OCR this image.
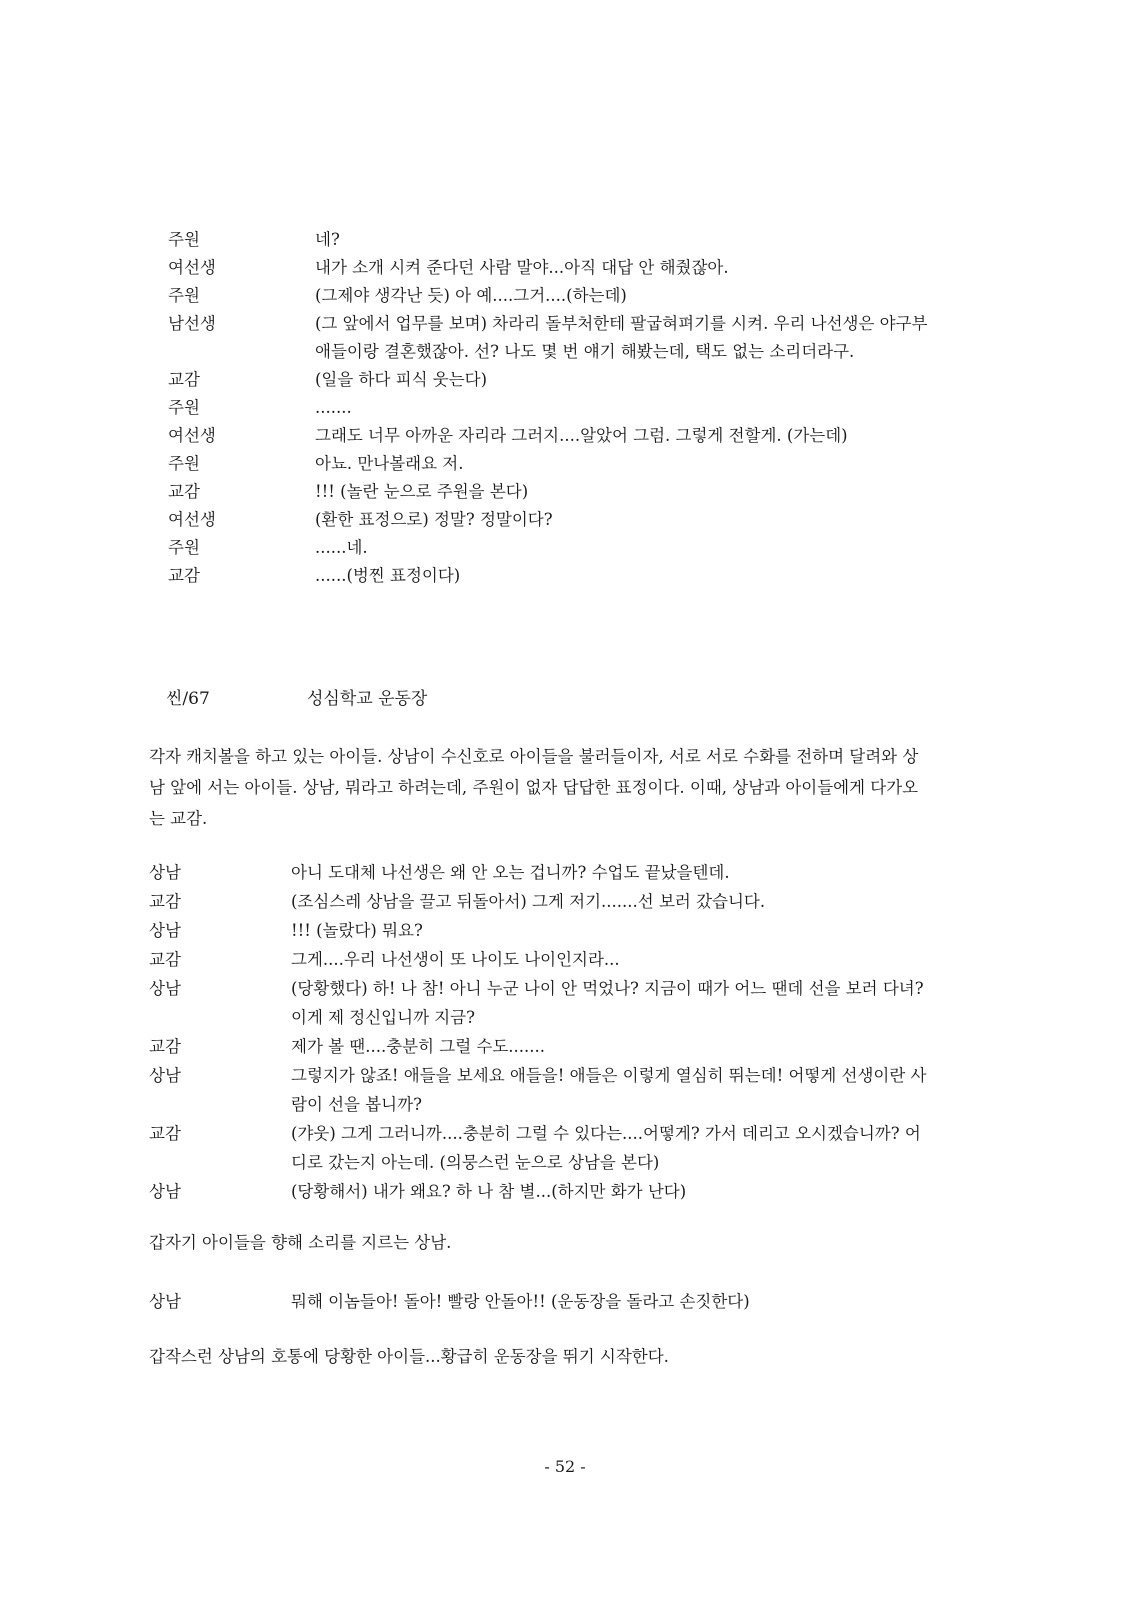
주원	네?
여선생	내가 소개 시켜 준다던 사람 말야...아직 대답 안 해줬잖아.
주원	(그제야 생각난 듯) 아 예....그거....(하는데)
남선생	(그 앞에서 업무를 보며) 차라리 돌부처한테 팔굽혀펴기를 시켜. 우리 나선생은 야구부 애들이랑 결혼했잖아. 선? 나도 몇 번 얘기 해봤는데, 택도 없는 소리더라구.
교감	(일을 하다 피식 웃는다)
주원	.......
여선생	그래도 너무 아까운 자리라 그러지....알았어 그럼. 그렇게 전할게. (가는데)
주원	아뇨. 만나볼래요 저.
교감	!!! (놀란 눈으로 주원을 본다)
여선생	(환한 표정으로) 정말? 정말이다?
주원	......네.
교감	......(벙찐 표정이다)
씬/67	성심학교 운동장
각자 캐치볼을 하고 있는 아이들. 상남이 수신호로 아이들을 불러들이자, 서로 서로 수화를 전하며 달려와 상남 앞에 서는 아이들. 상남, 뭐라고 하려는데, 주원이 없자 답답한 표정이다. 이때, 상남과 아이들에게 다가오는 교감.
상남	아니 도대체 나선생은 왜 안 오는 겁니까? 수업도 끝났을텐데.
교감	(조심스레 상남을 끌고 뒤돌아서) 그게 저기.......선 보러 갔습니다.
상남	!!! (놀랐다) 뭐요?
교감	그게....우리 나선생이 또 나이도 나이인지라...
상남	(당황했다) 하! 나 참! 아니 누군 나이 안 먹었나? 지금이 때가 어느 땐데 선을 보러 다녀? 이게 제 정신입니까 지금?
교감	제가 볼 땐....충분히 그럴 수도.......
상남	그렇지가 않죠! 애들을 보세요 애들을! 애들은 이렇게 열심히 뛰는데! 어떻게 선생이란 사람이 선을 봅니까?
교감	(갸웃) 그게 그러니까....충분히 그럴 수 있다는....어떻게? 가서 데리고 오시겠습니까? 어디로 갔는지 아는데. (의뭉스런 눈으로 상남을 본다)
상남	(당황해서) 내가 왜요? 하 나 참 별...(하지만 화가 난다)
갑자기 아이들을 향해 소리를 지르는 상남.
상남	뭐해 이놈들아! 돌아! 빨랑 안돌아!! (운동장을 돌라고 손짓한다)
갑작스런 상남의 호통에 당황한 아이들...황급히 운동장을 뛰기 시작한다.
- 52 -
